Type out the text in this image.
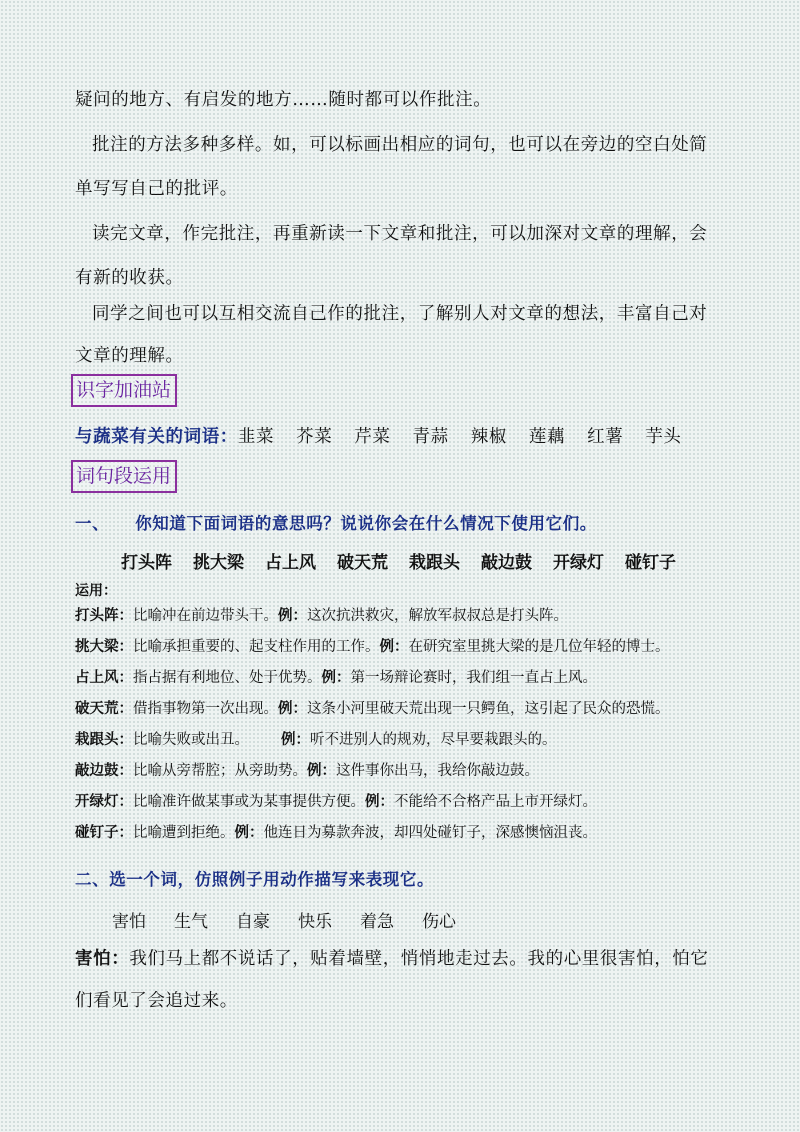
疑问的地方、有启发的地方……随时都可以作批注。
批注的方法多种多样。如，可以标画出相应的词句，也可以在旁边的空白处简
单写写自己的批评。
读完文章，作完批注，再重新读一下文章和批注，可以加深对文章的理解，会
有新的收获。
同学之间也可以互相交流自己作的批注，了解别人对文章的想法，丰富自己对
文章的理解。
识字加油站
与蔬菜有关的词语：韭菜 芥菜 芹菜 青蒜 辣椒 莲藕 红薯 芋头
词句段运用
一、 你知道下面词语的意思吗？说说你会在什么情况下使用它们。
打头阵 挑大梁 占上风 破天荒 栽跟头 敲边鼓 开绿灯 碰钉子
运用：
打头阵：比喻冲在前边带头干。例：这次抗洪救灾，解放军叔叔总是打头阵。
挑大梁：比喻承担重要的、起支柱作用的工作。例：在研究室里挑大梁的是几位年轻的博士。
占上风：指占据有利地位、处于优势。例：第一场辩论赛时，我们组一直占上风。
破天荒：借指事物第一次出现。例：这条小河里破天荒出现一只鳄鱼，这引起了民众的恐慌。
栽跟头：比喻失败或出丑。 例：听不进别人的规劝，尽早要栽跟头的。
敲边鼓：比喻从旁帮腔；从旁助势。例：这件事你出马，我给你敲边鼓。
开绿灯：比喻准许做某事或为某事提供方便。例：不能给不合格产品上市开绿灯。
碰钉子：比喻遭到拒绝。例：他连日为募款奔波，却四处碰钉子，深感懊恼沮丧。
二、选一个词，仿照例子用动作描写来表现它。
害怕 生气 自豪 快乐 着急 伤心
害怕：我们马上都不说话了，贴着墙壁，悄悄地走过去。我的心里很害怕，怕它
们看见了会追过来。
